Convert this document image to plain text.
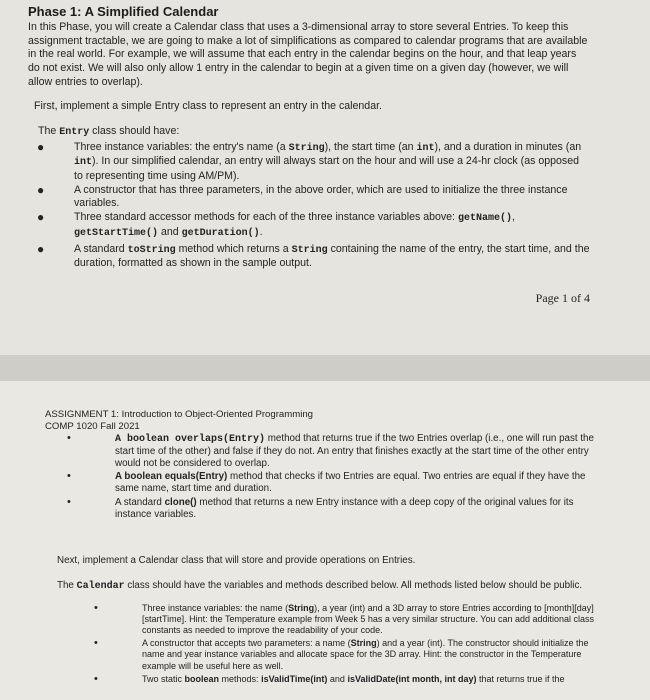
Phase 1: A Simplified Calendar

In this Phase, you will create a Calendar class that uses a 3-dimensional array to store several Entries. To keep this assignment tractable, we are going to make a lot of simplifications as compared to calendar programs that are available in the real world. For example, we will assume that each entry in the calendar begins on the hour, and that leap years do not exist. We will also only allow 1 entry in the calendar to begin at a given time on a given day (however, we will allow entries to overlap).

First, implement a simple Entry class to represent an entry in the calendar.

The Entry class should have:

●	Three instance variables: the entry's name (a String), the start time (an int), and a duration in minutes (an int). In our simplified calendar, an entry will always start on the hour and will use a 24-hr clock (as opposed to representing time using AM/PM).
●	A constructor that has three parameters, in the above order, which are used to initialize the three instance variables.
●	Three standard accessor methods for each of the three instance variables above: getName(), getStartTime() and getDuration().
●	A standard toString method which returns a String containing the name of the entry, the start time, and the duration, formatted as shown in the sample output.
Page 1 of 4

ASSIGNMENT 1: Introduction to Object-Oriented Programming

COMP 1020 Fall 2021

•	A boolean overlaps(Entry) method that returns true if the two Entries overlap (i.e., one will run past the start time of the other) and false if they do not. An entry that finishes exactly at the start time of the other entry would not be considered to overlap.
•	A boolean equals(Entry) method that checks if two Entries are equal. Two entries are equal if they have the same name, start time and duration.
•	A standard clone() method that returns a new Entry instance with a deep copy of the original values for its instance variables.

Next, implement a Calendar class that will store and provide operations on Entries.

The Calendar class should have the variables and methods described below. All methods listed below should be public.

•	Three instance variables: the name (String), a year (int) and a 3D array to store Entries according to [month][day][startTime]. Hint: the Temperature example from Week 5 has a very similar structure. You can add additional class constants as needed to improve the readability of your code.
•	A constructor that accepts two parameters: a name (String) and a year (int). The constructor should initialize the name and year instance variables and allocate space for the 3D array. Hint: the constructor in the Temperature example will be useful here as well.
•	Two static boolean methods: isValidTime(int) and isValidDate(int month, int day) that returns true if the
